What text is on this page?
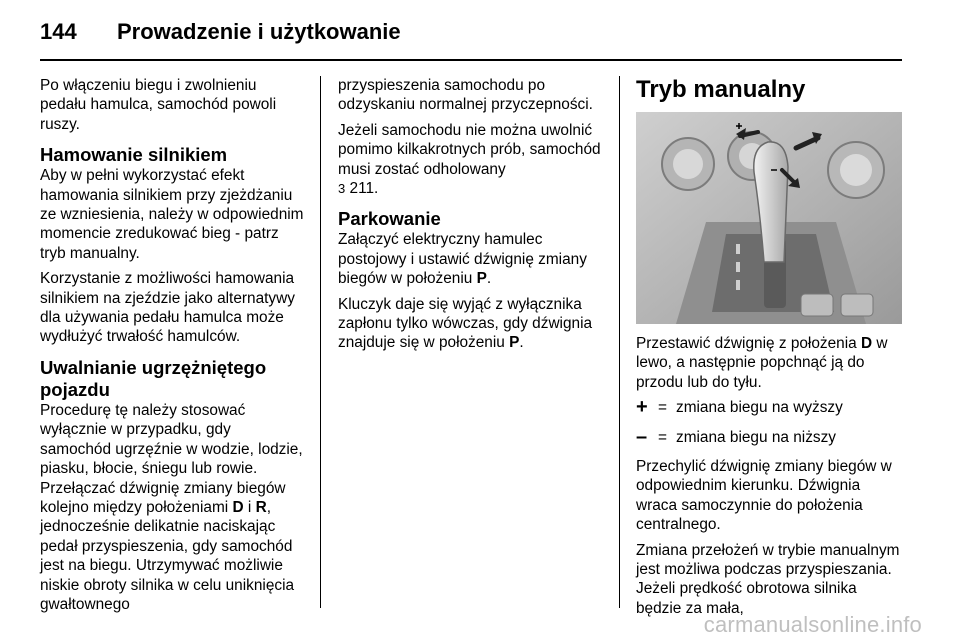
144 Prowadzenie i użytkowanie

Po włączeniu biegu i zwolnieniu pedału hamulca, samochód powoli ruszy.

Hamowanie silnikiem

Aby w pełni wykorzystać efekt hamowania silnikiem przy zjeżdżaniu ze wzniesienia, należy w odpowiednim momencie zredukować bieg - patrz tryb manualny.

Korzystanie z możliwości hamowania silnikiem na zjeździe jako alternatywy dla używania pedału hamulca może wydłużyć trwałość hamulców.

Uwalnianie ugrzężniętego pojazdu

Procedurę tę należy stosować wyłącznie w przypadku, gdy samochód ugrzęźnie w wodzie, lodzie, piasku, błocie, śniegu lub rowie. Przełączać dźwignię zmiany biegów kolejno między położeniami D i R, jednocześnie delikatnie naciskając pedał przyspieszenia, gdy samochód jest na biegu. Utrzymywać możliwie niskie obroty silnika w celu uniknięcia gwałtownego

przyspieszenia samochodu po odzyskaniu normalnej przyczepności.

Jeżeli samochodu nie można uwolnić pomimo kilkakrotnych prób, samochód musi zostać odholowany
3 211.

Parkowanie

Załączyć elektryczny hamulec postojowy i ustawić dźwignię zmiany biegów w położeniu P.

Kluczyk daje się wyjąć z wyłącznika zapłonu tylko wówczas, gdy dźwignia znajduje się w położeniu P.

Tryb manualny

Przestawić dźwignię z położenia D w lewo, a następnie popchnąć ją do przodu lub do tyłu.

+ = zmiana biegu na wyższy
– = zmiana biegu na niższy

Przechylić dźwignię zmiany biegów w odpowiednim kierunku. Dźwignia wraca samoczynnie do położenia centralnego.

Zmiana przełożeń w trybie manualnym jest możliwa podczas przyspieszania. Jeżeli prędkość obrotowa silnika będzie za mała,

carmanualsonline.info
